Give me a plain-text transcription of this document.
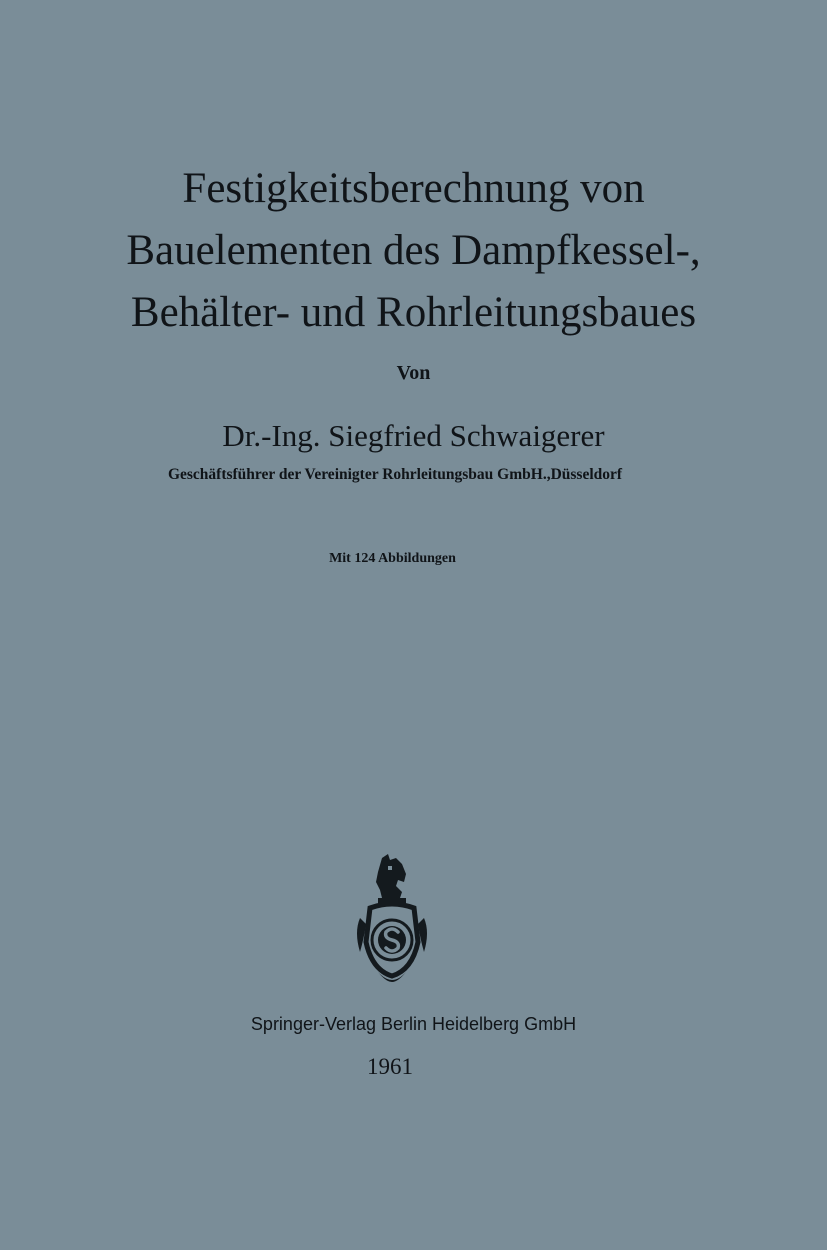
Festigkeitsberechnung von
Bauelementen des Dampfkessel-,
Behälter- und Rohrleitungsbaues
Von
Dr.-Ing. Siegfried Schwaigerer
Geschäftsführer der Vereinigter Rohrleitungsbau GmbH.,Düsseldorf
Mit 124 Abbildungen
Springer-Verlag Berlin Heidelberg GmbH
1961
